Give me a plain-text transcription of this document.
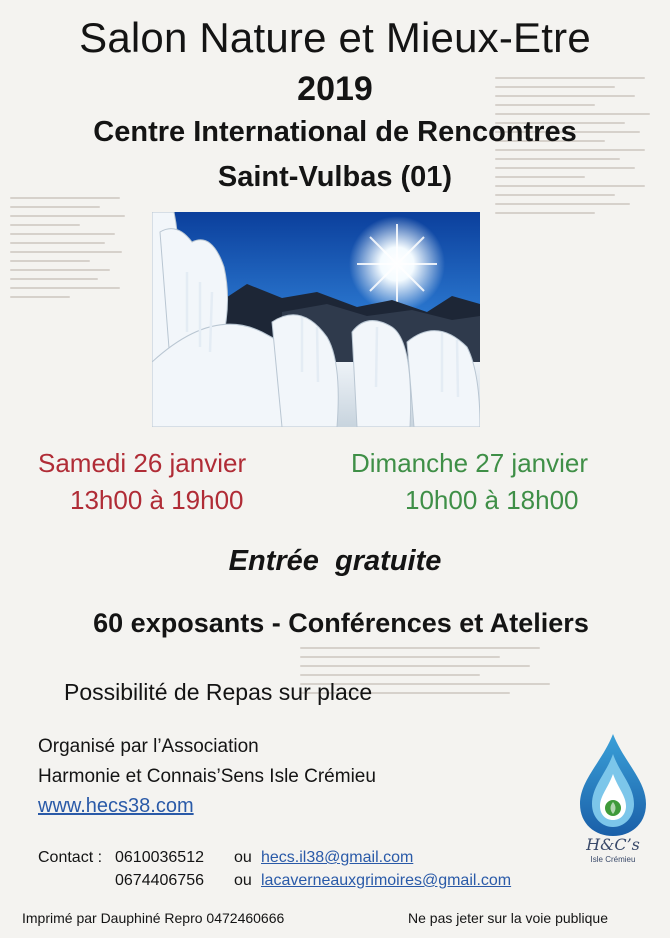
Salon Nature et Mieux-Etre
2019
Centre International de Rencontres
Saint-Vulbas (01)
Samedi 26 janvier
13h00 à 19h00
Dimanche 27 janvier
10h00 à 18h00
Entrée  gratuite
60 exposants - Conférences et Ateliers
Possibilité de Repas sur place
Organisé par l’Association
Harmonie et Connais’Sens Isle Crémieu
www.hecs38.com
Contact : 0610036512 ou hecs.il38@gmail.com
0674406756 ou lacaverneauxgrimoires@gmail.com
H&C’s
Isle Crémieu
Imprimé par Dauphiné Repro 0472460666	Ne pas jeter sur la voie publique
